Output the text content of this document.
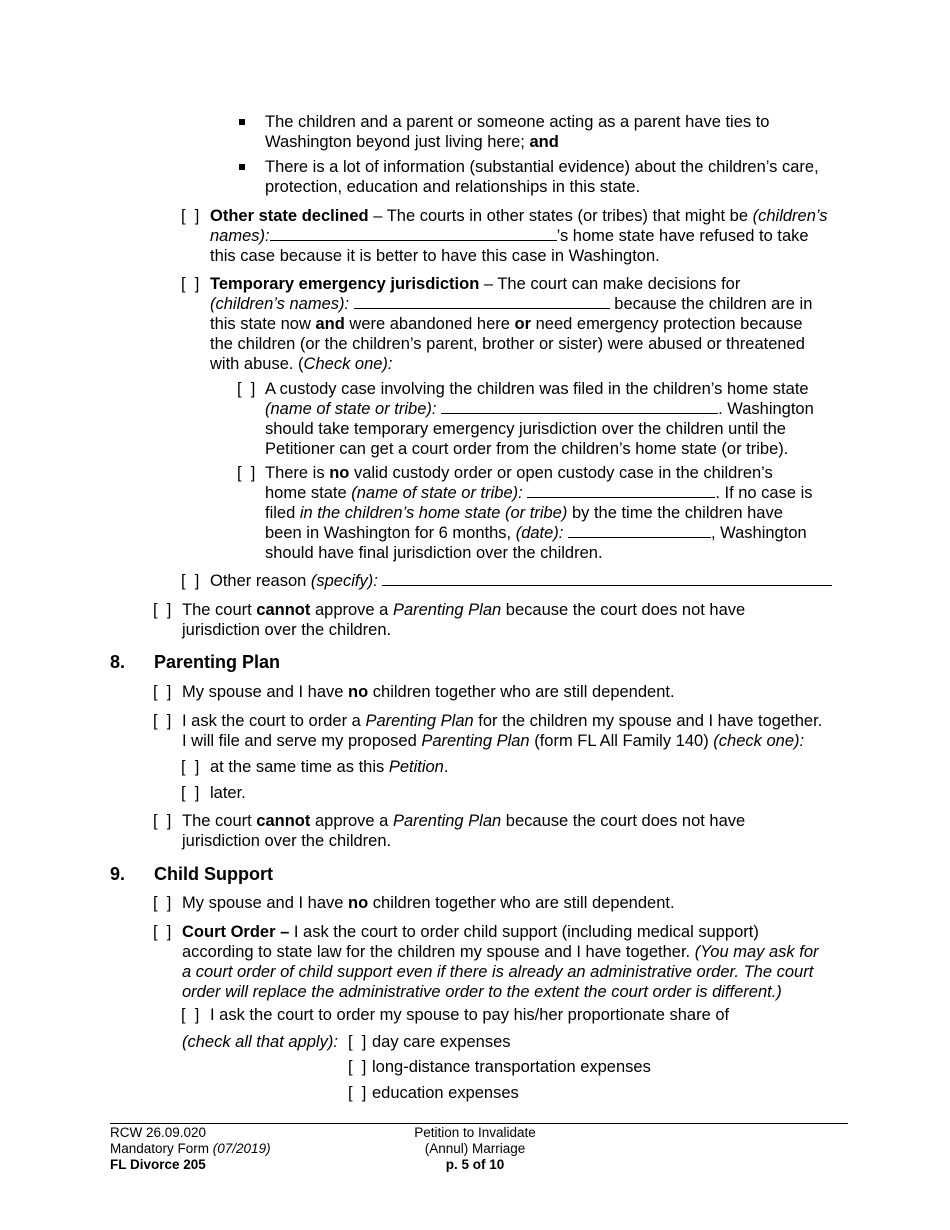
The children and a parent or someone acting as a parent have ties to
Washington beyond just living here; and
There is a lot of information (substantial evidence) about the children’s care,
protection, education and relationships in this state.
[  ] Other state declined – The courts in other states (or tribes) that might be (children’s
names):	’s home state have refused to take
this case because it is better to have this case in Washington.
[  ] Temporary emergency jurisdiction – The court can make decisions for
(children’s names):	because the children are in
this state now and were abandoned here or need emergency protection because
the children (or the children’s parent, brother or sister) were abused or threatened
with abuse. (Check one):
[  ] A custody case involving the children was filed in the children’s home state
(name of state or tribe):	. Washington
should take temporary emergency jurisdiction over the children until the
Petitioner can get a court order from the children’s home state (or tribe).
[  ] There is no valid custody order or open custody case in the children’s
home state (name of state or tribe):	. If no case is
filed in the children’s home state (or tribe) by the time the children have
been in Washington for 6 months, (date):	, Washington
should have final jurisdiction over the children.
[  ] Other reason (specify):
[  ] The court cannot approve a Parenting Plan because the court does not have
jurisdiction over the children.
8. Parenting Plan
[  ] My spouse and I have no children together who are still dependent.
[  ] I ask the court to order a Parenting Plan for the children my spouse and I have together.
I will file and serve my proposed Parenting Plan (form FL All Family 140) (check one):
[  ] at the same time as this Petition.
[  ] later.
[  ] The court cannot approve a Parenting Plan because the court does not have
jurisdiction over the children.
9. Child Support
[  ] My spouse and I have no children together who are still dependent.
[  ] Court Order – I ask the court to order child support (including medical support)
according to state law for the children my spouse and I have together. (You may ask for
a court order of child support even if there is already an administrative order. The court
order will replace the administrative order to the extent the court order is different.)
[  ] I ask the court to order my spouse to pay his/her proportionate share of
(check all that apply): [  ] day care expenses
[  ] long-distance transportation expenses
[  ] education expenses
RCW 26.09.020
Mandatory Form (07/2019)
FL Divorce 205
Petition to Invalidate
(Annul) Marriage
p. 5 of 10
